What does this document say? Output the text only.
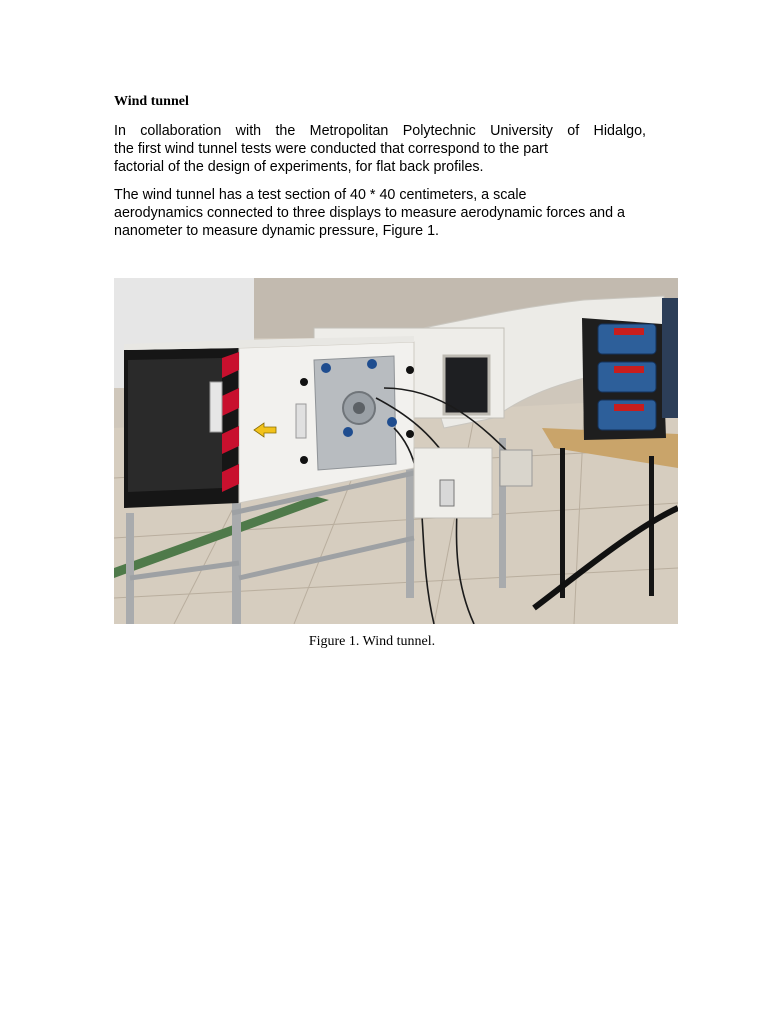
Wind tunnel
In collaboration with the Metropolitan Polytechnic University of Hidalgo,
the first wind tunnel tests were conducted that correspond to the part
factorial of the design of experiments, for flat back profiles.
The wind tunnel has a test section of 40 * 40 centimeters, a scale
aerodynamics connected to three displays to measure aerodynamic forces and a
nanometer to measure dynamic pressure, Figure 1.
Figure 1. Wind tunnel.
